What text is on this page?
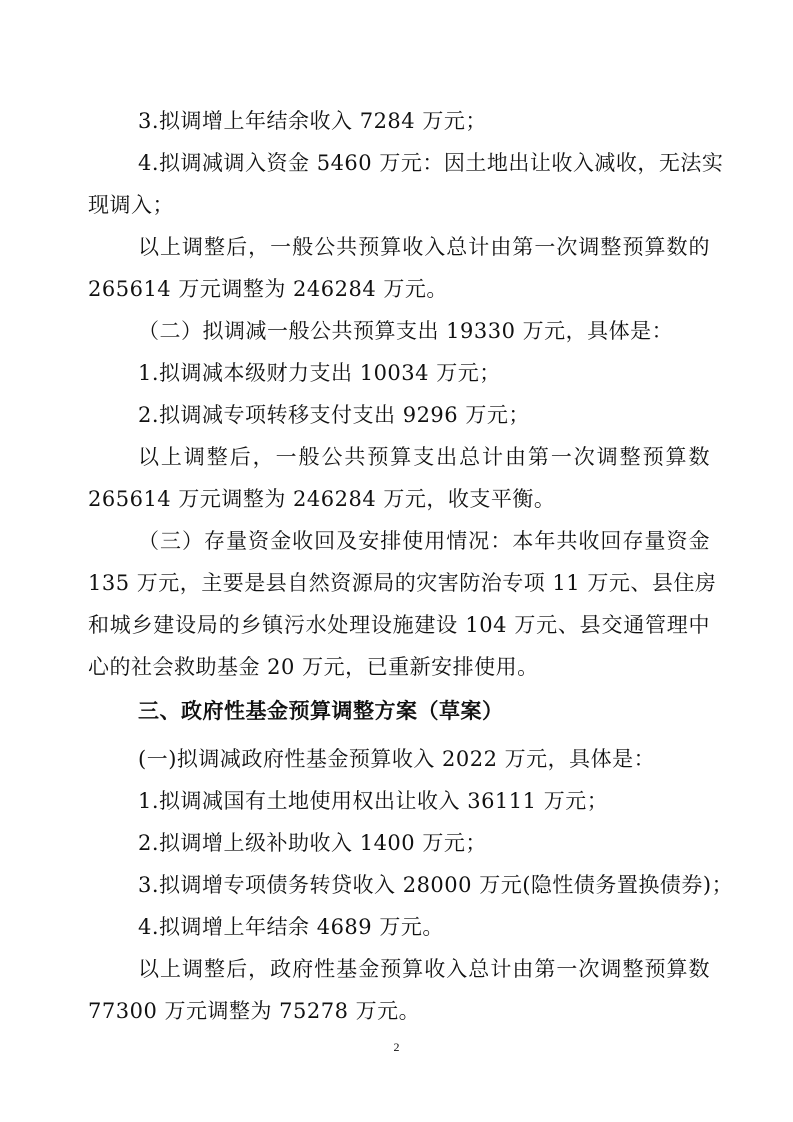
3.拟调增上年结余收入 7284 万元；
4.拟调减调入资金 5460 万元：因土地出让收入减收，无法实
现调入；
以上调整后，一般公共预算收入总计由第一次调整预算数的
265614 万元调整为 246284 万元。
（二）拟调减一般公共预算支出 19330 万元，具体是：
1.拟调减本级财力支出 10034 万元；
2.拟调减专项转移支付支出 9296 万元；
以上调整后，一般公共预算支出总计由第一次调整预算数
265614 万元调整为 246284 万元，收支平衡。
（三）存量资金收回及安排使用情况：本年共收回存量资金
135 万元，主要是县自然资源局的灾害防治专项 11 万元、县住房
和城乡建设局的乡镇污水处理设施建设 104 万元、县交通管理中
心的社会救助基金 20 万元，已重新安排使用。
三、政府性基金预算调整方案（草案）
(一)拟调减政府性基金预算收入 2022 万元，具体是：
1.拟调减国有土地使用权出让收入 36111 万元；
2.拟调增上级补助收入 1400 万元；
3.拟调增专项债务转贷收入 28000 万元(隐性债务置换债券)；
4.拟调增上年结余 4689 万元。
以上调整后，政府性基金预算收入总计由第一次调整预算数
77300 万元调整为 75278 万元。
2
